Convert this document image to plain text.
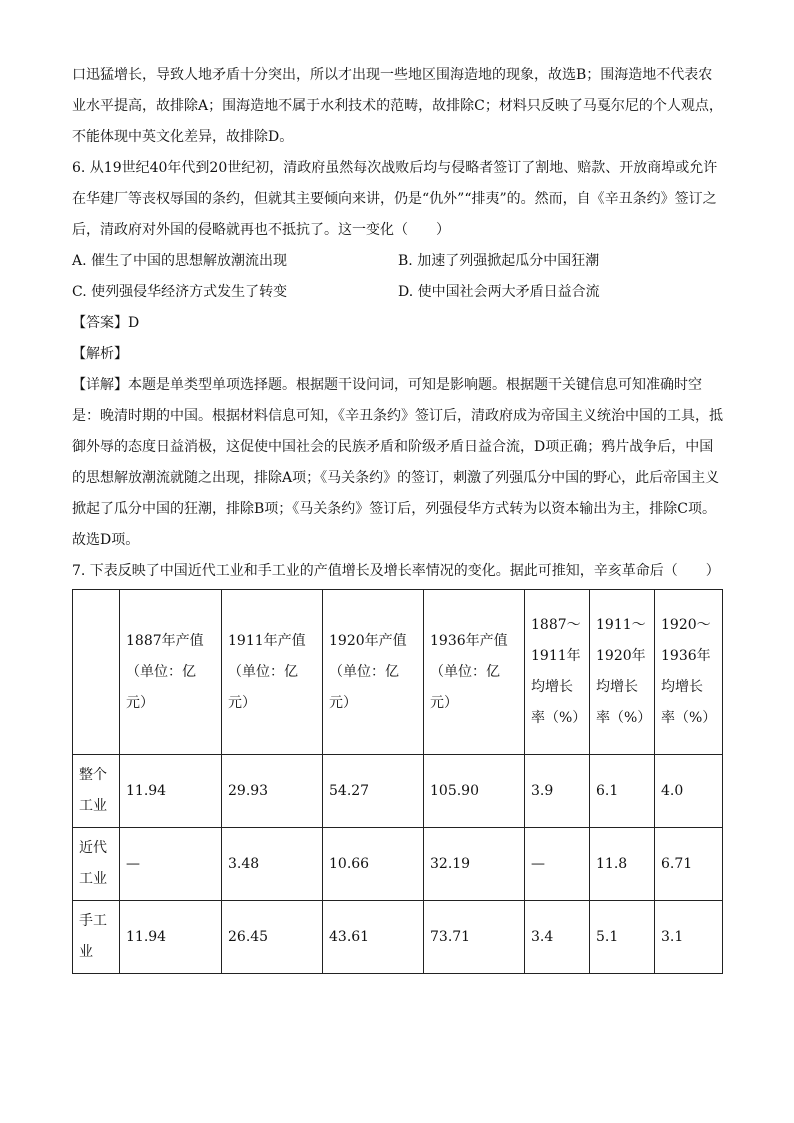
口迅猛增长，导致人地矛盾十分突出，所以才出现一些地区围海造地的现象，故选B；围海造地不代表农业水平提高，故排除A；围海造地不属于水利技术的范畴，故排除C；材料只反映了马戛尔尼的个人观点，不能体现中英文化差异，故排除D。

6. 从19世纪40年代到20世纪初，清政府虽然每次战败后均与侵略者签订了割地、赔款、开放商埠或允许在华建厂等丧权辱国的条约，但就其主要倾向来讲，仍是“仇外”“排夷”的。然而，自《辛丑条约》签订之后，清政府对外国的侵略就再也不抵抗了。这一变化（　　）

A. 催生了中国的思想解放潮流出现	B. 加速了列强掀起瓜分中国狂潮
C. 使列强侵华经济方式发生了转变	D. 使中国社会两大矛盾日益合流

【答案】D

【解析】

【详解】本题是单类型单项选择题。根据题干设问词，可知是影响题。根据题干关键信息可知准确时空是：晚清时期的中国。根据材料信息可知，《辛丑条约》签订后，清政府成为帝国主义统治中国的工具，抵御外辱的态度日益消极，这促使中国社会的民族矛盾和阶级矛盾日益合流，D项正确；鸦片战争后，中国的思想解放潮流就随之出现，排除A项；《马关条约》的签订，刺激了列强瓜分中国的野心，此后帝国主义掀起了瓜分中国的狂潮，排除B项；《马关条约》签订后，列强侵华方式转为以资本输出为主，排除C项。故选D项。

7. 下表反映了中国近代工业和手工业的产值增长及增长率情况的变化。据此可推知，辛亥革命后（　　）

	1887年产值（单位：亿元）	1911年产值（单位：亿元）	1920年产值（单位：亿元）	1936年产值（单位：亿元）	1887～1911年均增长率（%）	1911～1920年均增长率（%）	1920～1936年均增长率（%）
整个工业	11.94	29.93	54.27	105.90	3.9	6.1	4.0
近代工业	—	3.48	10.66	32.19	—	11.8	6.71
手工业	11.94	26.45	43.61	73.71	3.4	5.1	3.1
